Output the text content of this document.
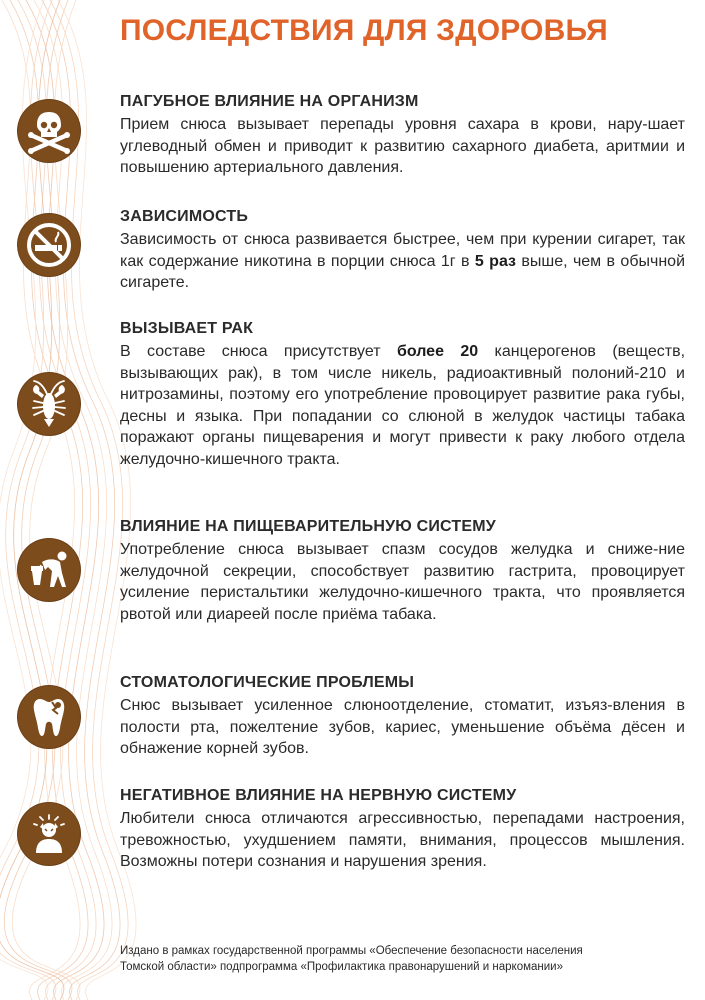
ПОСЛЕДСТВИЯ ДЛЯ ЗДОРОВЬЯ
ПАГУБНОЕ ВЛИЯНИЕ НА ОРГАНИЗМ

Прием снюса вызывает перепады уровня сахара в крови, нару-шает углеводный обмен и приводит к развитию сахарного диабета, аритмии и повышению артериального давления.

ЗАВИСИМОСТЬ

Зависимость от снюса развивается быстрее, чем при курении сигарет, так как содержание никотина в порции снюса 1г в 5 раз выше, чем в обычной сигарете.

ВЫЗЫВАЕТ РАК

В составе снюса присутствует более 20 канцерогенов (веществ, вызывающих рак), в том числе никель, радиоактивный полоний-210 и нитрозамины, поэтому его употребление провоцирует развитие рака губы, десны и языка. При попадании со слюной в желудок частицы табака поражают органы пищеварения и могут привести к раку любого отдела желудочно-кишечного тракта.

ВЛИЯНИЕ НА ПИЩЕВАРИТЕЛЬНУЮ СИСТЕМУ

Употребление снюса вызывает спазм сосудов желудка и сниже-ние желудочной секреции, способствует развитию гастрита, провоцирует усиление перистальтики желудочно-кишечного тракта, что проявляется рвотой или диареей после приёма табака.

СТОМАТОЛОГИЧЕСКИЕ ПРОБЛЕМЫ

Снюс вызывает усиленное слюноотделение, стоматит, изъяз-вления в полости рта, пожелтение зубов, кариес, уменьшение объёма дёсен и обнажение корней зубов.

НЕГАТИВНОЕ ВЛИЯНИЕ НА НЕРВНУЮ СИСТЕМУ

Любители снюса отличаются агрессивностью, перепадами настроения, тревожностью, ухудшением памяти, внимания, процессов мышления. Возможны потери сознания и нарушения зрения.

Издано в рамках государственной программы «Обеспечение безопасности населения
Томской области» подпрограмма «Профилактика правонарушений и наркомании»
